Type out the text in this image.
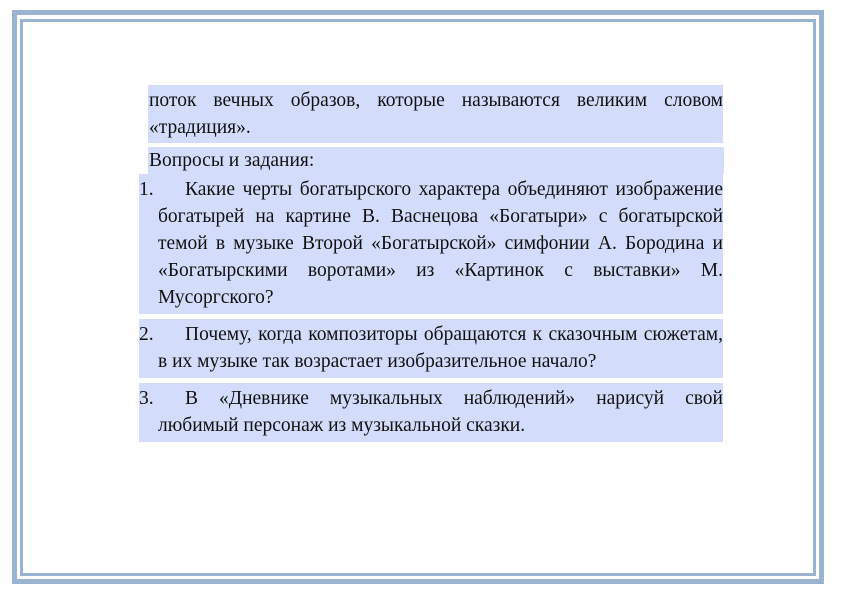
поток вечных образов, которые называются великим словом «традиция».
Вопросы и задания:
1.	Какие черты богатырского характера объединяют изображение богатырей на картине В. Васнецова «Богатыри» с богатырской темой в музыке Второй «Богатырской» симфонии А. Бородина и «Богатырскими воротами» из «Картинок с выставки» М. Мусоргского?
2.	Почему, когда композиторы обращаются к сказочным сюжетам, в их музыке так возрастает изобразительное начало?
3.	В «Дневнике музыкальных наблюдений» нарисуй свой любимый персонаж из музыкальной сказки.
